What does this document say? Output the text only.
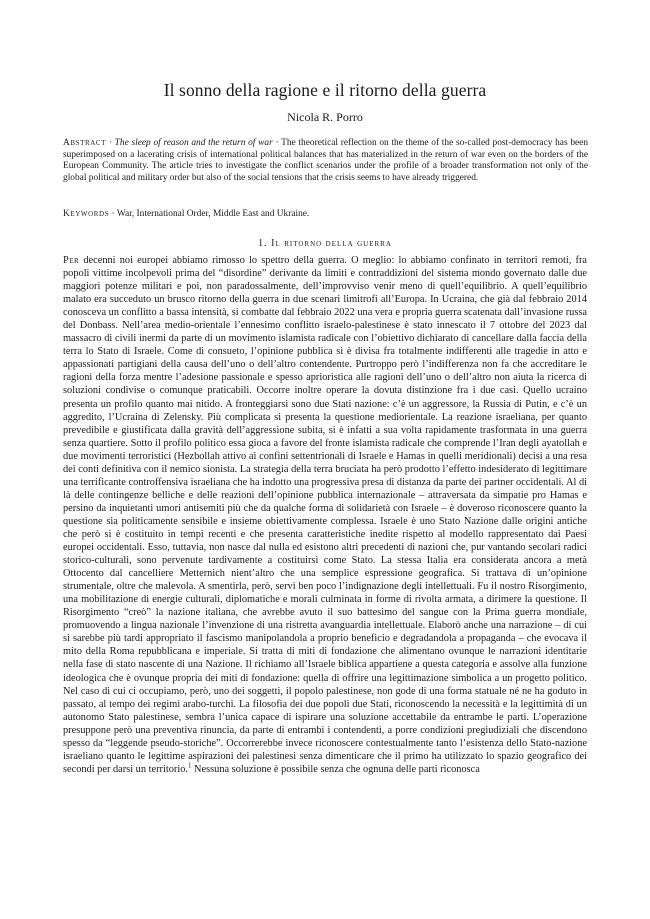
Il sonno della ragione e il ritorno della guerra
Nicola R. Porro
Abstract · The sleep of reason and the return of war · The theoretical reflection on the theme of the so-called post-democracy has been superimposed on a lacerating crisis of international political balances that has materialized in the return of war even on the borders of the European Community. The article tries to investigate the conflict scenarios under the profile of a broader transformation not only of the global political and military order but also of the social tensions that the crisis seems to have already triggered.
Keywords · War, International Order, Middle East and Ukraine.
1. Il ritorno della guerra
Per decenni noi europei abbiamo rimosso lo spettro della guerra. O meglio: lo abbiamo confinato in territori remoti, fra popoli vittime incolpevoli prima del “disordine” derivante da limiti e contraddizioni del sistema mondo governato dalle due maggiori potenze militari e poi, non paradossalmente, dell’improvviso venir meno di quell’equilibrio. A quell’equilibrio malato era succeduto un brusco ritorno della guerra in due scenari limitrofi all’Europa. In Ucraina, che già dal febbraio 2014 conosceva un conflitto a bassa intensità, si combatte dal febbraio 2022 una vera e propria guerra scatenata dall’invasione russa del Donbass. Nell’area medio-orientale l’ennesimo conflitto israelo-palestinese è stato innescato il 7 ottobre del 2023 dal massacro di civili inermi da parte di un movimento islamista radicale con l’obiettivo dichiarato di cancellare dalla faccia della terra lo Stato di Israele. Come di consueto, l’opinione pubblica si è divisa fra totalmente indifferenti alle tragedie in atto e appassionati partigiani della causa dell’uno o dell’altro contendente. Purtroppo però l’indifferenza non fa che accreditare le ragioni della forza mentre l’adesione passionale e spesso aprioristica alle ragioni dell’uno o dell’altro non aiuta la ricerca di soluzioni condivise o comunque praticabili. Occorre inoltre operare la dovuta distinzione fra i due casi. Quello ucraino presenta un profilo quanto mai nitido. A fronteggiarsi sono due Stati nazione: c’è un aggressore, la Russia di Putin, e c’è un aggredito, l’Ucraina di Zelensky. Più complicata si presenta la questione mediorientale. La reazione israeliana, per quanto prevedibile e giustificata dalla gravità dell’aggressione subita, si è infatti a sua volta rapidamente trasformata in una guerra senza quartiere. Sotto il profilo politico essa gioca a favore del fronte islamista radicale che comprende l’Iran degli ayatollah e due movimenti terroristici (Hezbollah attivo ai confini settentrionali di Israele e Hamas in quelli meridionali) decisi a una resa dei conti definitiva con il nemico sionista. La strategia della terra bruciata ha però prodotto l’effetto indesiderato di legittimare una terrificante controffensiva israeliana che ha indotto una progressiva presa di distanza da parte dei partner occidentali. Al di là delle contingenze belliche e delle reazioni dell’opinione pubblica internazionale – attraversata da simpatie pro Hamas e persino da inquietanti umori antisemiti più che da qualche forma di solidarietà con Israele – è doveroso riconoscere quanto la questione sia politicamente sensibile e insieme obiettivamente complessa. Israele è uno Stato Nazione dalle origini antiche che però si è costituito in tempi recenti e che presenta caratteristiche inedite rispetto al modello rappresentato dai Paesi europei occidentali. Esso, tuttavia, non nasce dal nulla ed esistono altri precedenti di nazioni che, pur vantando secolari radici storico-culturali, sono pervenute tardivamente a costituirsi come Stato. La stessa Italia era considerata ancora a metà Ottocento dal cancelliere Metternich nient’altro che una semplice espressione geografica. Si trattava di un’opinione strumentale, oltre che malevola. A smentirla, però, servì ben poco l’indignazione degli intellettuali. Fu il nostro Risorgimento, una mobilitazione di energie culturali, diplomatiche e morali culminata in forme di rivolta armata, a dirimere la questione. Il Risorgimento “creò” la nazione italiana, che avrebbe avuto il suo battesimo del sangue con la Prima guerra mondiale, promuovendo a lingua nazionale l’invenzione di una ristretta avanguardia intellettuale. Elaborò anche una narrazione – di cui si sarebbe più tardi appropriato il fascismo manipolandola a proprio beneficio e degradandola a propaganda – che evocava il mito della Roma repubblicana e imperiale. Si tratta di miti di fondazione che alimentano ovunque le narrazioni identitarie nella fase di stato nascente di una Nazione. Il richiamo all’Israele biblica appartiene a questa categoria e assolve alla funzione ideologica che è ovunque propria dei miti di fondazione: quella di offrire una legittimazione simbolica a un progetto politico. Nel caso di cui ci occupiamo, però, uno dei soggetti, il popolo palestinese, non gode di una forma statuale né ne ha goduto in passato, al tempo dei regimi arabo-turchi. La filosofia dei due popoli due Stati, riconoscendo la necessità e la legittimità di un autonomo Stato palestinese, sembra l’unica capace di ispirare una soluzione accettabile da entrambe le parti. L’operazione presuppone però una preventiva rinuncia, da parte di entrambi i contendenti, a porre condizioni pregiudiziali che discendono spesso da “leggende pseudo-storiche”. Occorrerebbe invece riconoscere contestualmente tanto l’esistenza dello Stato-nazione israeliano quanto le legittime aspirazioni dei palestinesi senza dimenticare che il primo ha utilizzato lo spazio geografico dei secondi per darsi un territorio.$^1$ Nessuna soluzione è possibile senza che ognuna delle parti riconosca
